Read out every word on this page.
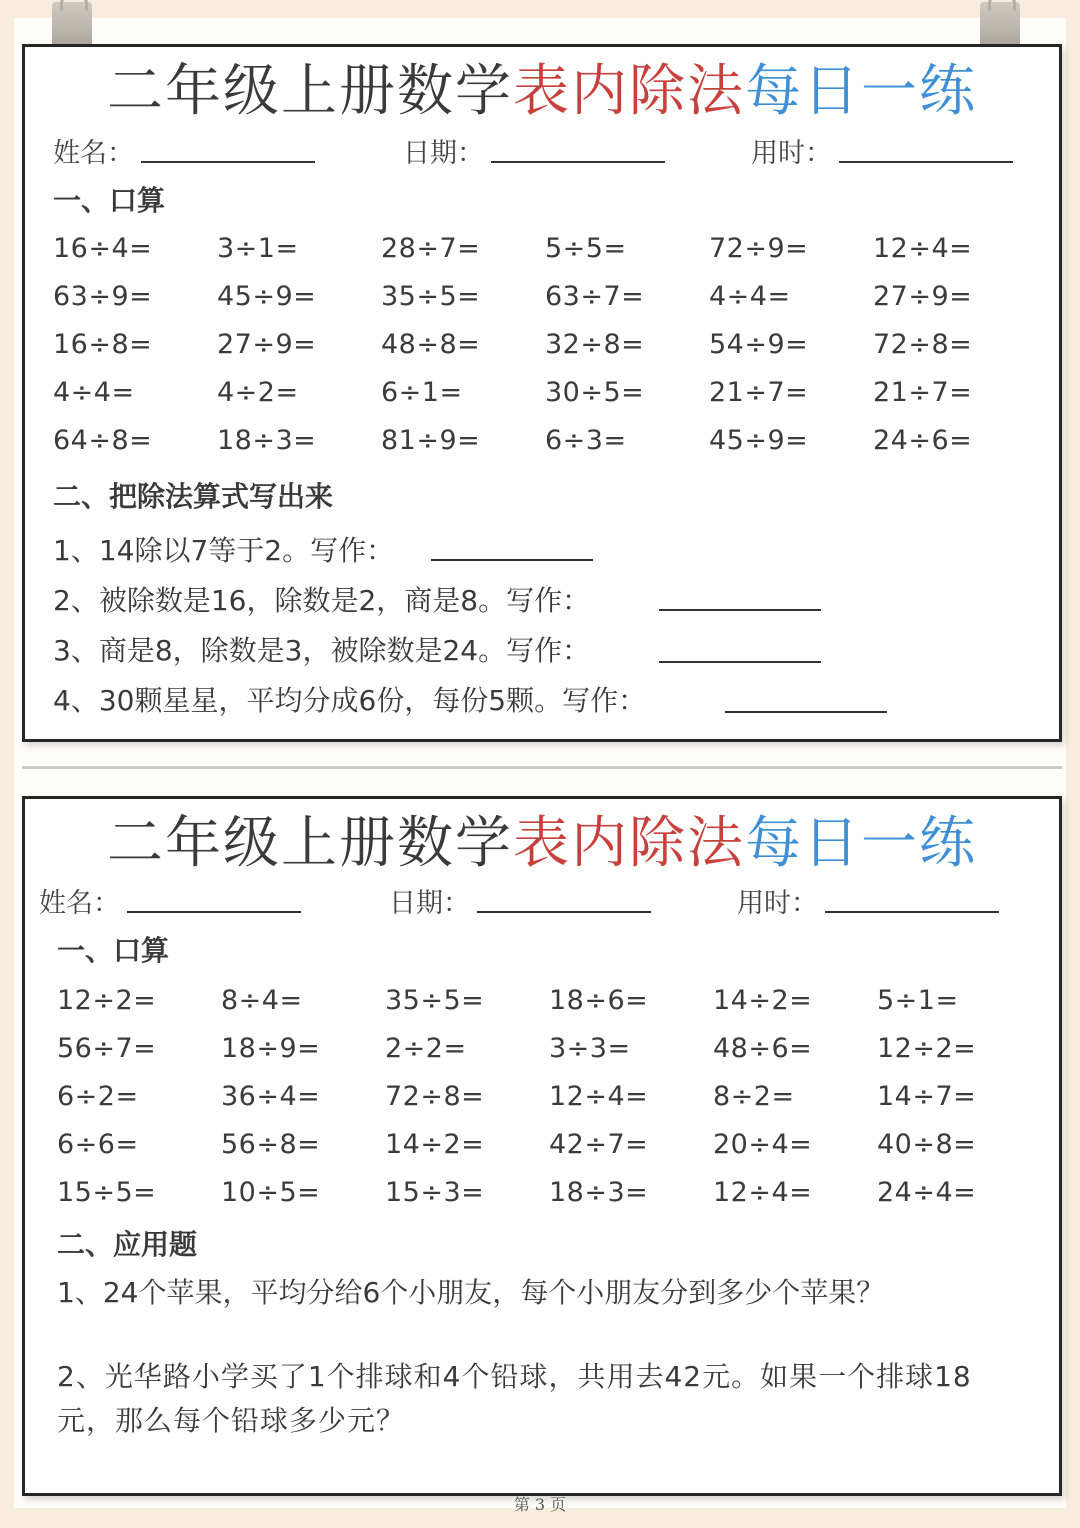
二年级上册数学表内除法每日一练
姓名：	日期：	用时：
一、口算
16÷4=	3÷1=	28÷7=	5÷5=	72÷9=	12÷4=
63÷9=	45÷9=	35÷5=	63÷7=	4÷4=	27÷9=
16÷8=	27÷9=	48÷8=	32÷8=	54÷9=	72÷8=
4÷4=	4÷2=	6÷1=	30÷5=	21÷7=	21÷7=
64÷8=	18÷3=	81÷9=	6÷3=	45÷9=	24÷6=
二、把除法算式写出来
1、14除以7等于2。写作：
2、被除数是16，除数是2，商是8。写作：
3、商是8，除数是3，被除数是24。写作：
4、30颗星星，平均分成6份，每份5颗。写作：
二年级上册数学表内除法每日一练
姓名：	日期：	用时：
一、口算
12÷2=	8÷4=	35÷5=	18÷6=	14÷2=	5÷1=
56÷7=	18÷9=	2÷2=	3÷3=	48÷6=	12÷2=
6÷2=	36÷4=	72÷8=	12÷4=	8÷2=	14÷7=
6÷6=	56÷8=	14÷2=	42÷7=	20÷4=	40÷8=
15÷5=	10÷5=	15÷3=	18÷3=	12÷4=	24÷4=
二、应用题
1、24个苹果，平均分给6个小朋友，每个小朋友分到多少个苹果？
2、光华路小学买了1个排球和4个铅球，共用去42元。如果一个排球18元，那么每个铅球多少元？
第 3 页
